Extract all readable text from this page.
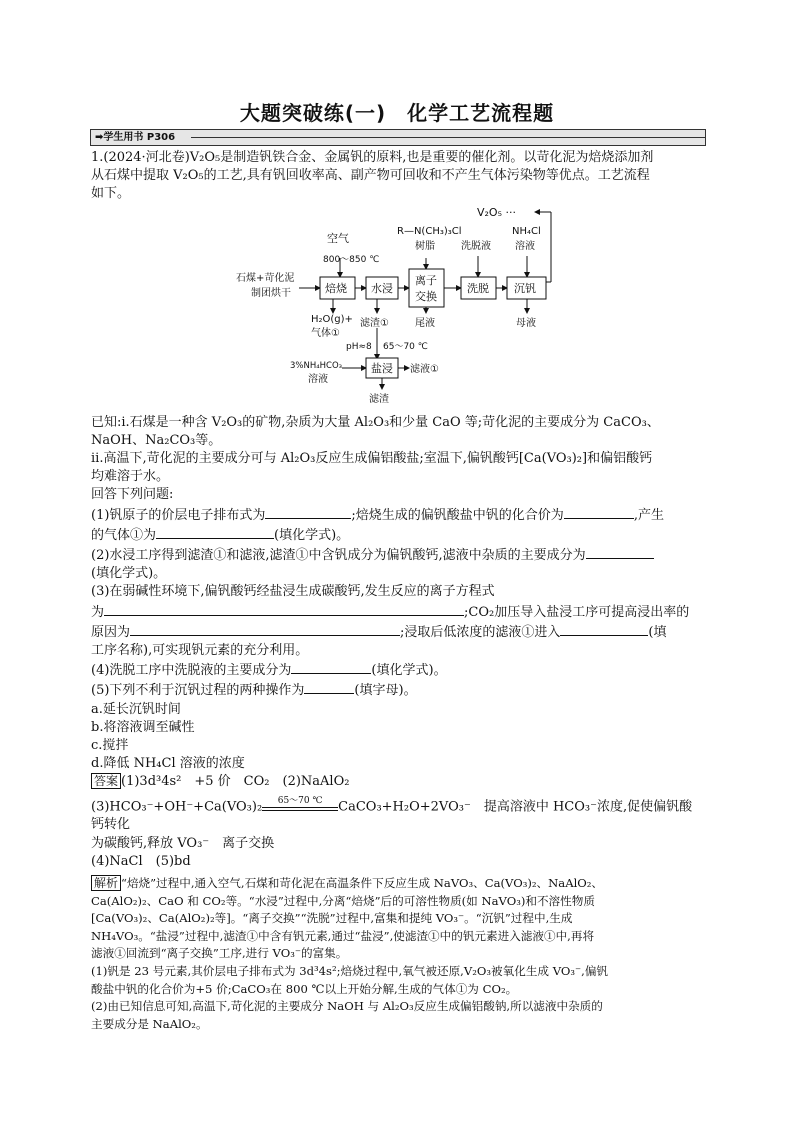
大题突破练(一)　化学工艺流程题
➡学生用书 P306

1.(2024·河北卷)V₂O₅是制造钒铁合金、金属钒的原料,也是重要的催化剂。以苛化泥为焙烧添加剂

从石煤中提取 V₂O₅的工艺,具有钒回收率高、副产物可回收和不产生气体污染物等优点。工艺流程

如下。

V₂O₅ ···
R—N(CH₃)₃Cl
树脂
NH₄Cl
溶液
空气
洗脱液
800～850 ℃
石煤+苛化泥
制团烘干	焙烧 水浸
离子
交换
洗脱 沉钒
H₂O(g)+
气体①
滤渣①	尾液	母液
pH≈8 65～70 ℃
3%NH₄HCO₃
溶液
盐浸 滤液①
滤渣

已知:ⅰ.石煤是一种含 V₂O₃的矿物,杂质为大量 Al₂O₃和少量 CaO 等;苛化泥的主要成分为 CaCO₃、

NaOH、Na₂CO₃等。

ⅱ.高温下,苛化泥的主要成分可与 Al₂O₃反应生成偏铝酸盐;室温下,偏钒酸钙[Ca(VO₃)₂]和偏铝酸钙

均难溶于水。

回答下列问题:

(1)钒原子的价层电子排布式为	;焙烧生成的偏钒酸盐中钒的化合价为	,产生

的气体①为	(填化学式)。

(2)水浸工序得到滤渣①和滤液,滤渣①中含钒成分为偏钒酸钙,滤液中杂质的主要成分为

(填化学式)。

(3)在弱碱性环境下,偏钒酸钙经盐浸生成碳酸钙,发生反应的离子方程式

为	;CO₂加压导入盐浸工序可提高浸出率的

原因为	;浸取后低浓度的滤液①进入	(填

工序名称),可实现钒元素的充分利用。

(4)洗脱工序中洗脱液的主要成分为	(填化学式)。

(5)下列不利于沉钒过程的两种操作为	(填字母)。

a.延长沉钒时间

b.将溶液调至碱性

c.搅拌

d.降低 NH₄Cl 溶液的浓度

答案 (1)3d³4s²　+5 价　CO₂　(2)NaAlO₂

(3)HCO₃⁻+OH⁻+Ca(VO₃)₂	65～70 ℃	CaCO₃+H₂O+2VO₃⁻　提高溶液中 HCO₃⁻浓度,促使偏钒酸钙转化

为碳酸钙,释放 VO₃⁻　离子交换

(4)NaCl　(5)bd

解析 “焙烧”过程中,通入空气,石煤和苛化泥在高温条件下反应生成 NaVO₃、Ca(VO₃)₂、NaAlO₂、

Ca(AlO₂)₂、CaO 和 CO₂等。“水浸”过程中,分离“焙烧”后的可溶性物质(如 NaVO₃)和不溶性物质

[Ca(VO₃)₂、Ca(AlO₂)₂等]。“离子交换”“洗脱”过程中,富集和提纯 VO₃⁻。“沉钒”过程中,生成

NH₄VO₃。“盐浸”过程中,滤渣①中含有钒元素,通过“盐浸”,使滤渣①中的钒元素进入滤液①中,再将

滤液①回流到“离子交换”工序,进行 VO₃⁻的富集。

(1)钒是 23 号元素,其价层电子排布式为 3d³4s²;焙烧过程中,氧气被还原,V₂O₃被氧化生成 VO₃⁻,偏钒

酸盐中钒的化合价为+5 价;CaCO₃在 800 ℃以上开始分解,生成的气体①为 CO₂。

(2)由已知信息可知,高温下,苛化泥的主要成分 NaOH 与 Al₂O₃反应生成偏铝酸钠,所以滤液中杂质的

主要成分是 NaAlO₂。
